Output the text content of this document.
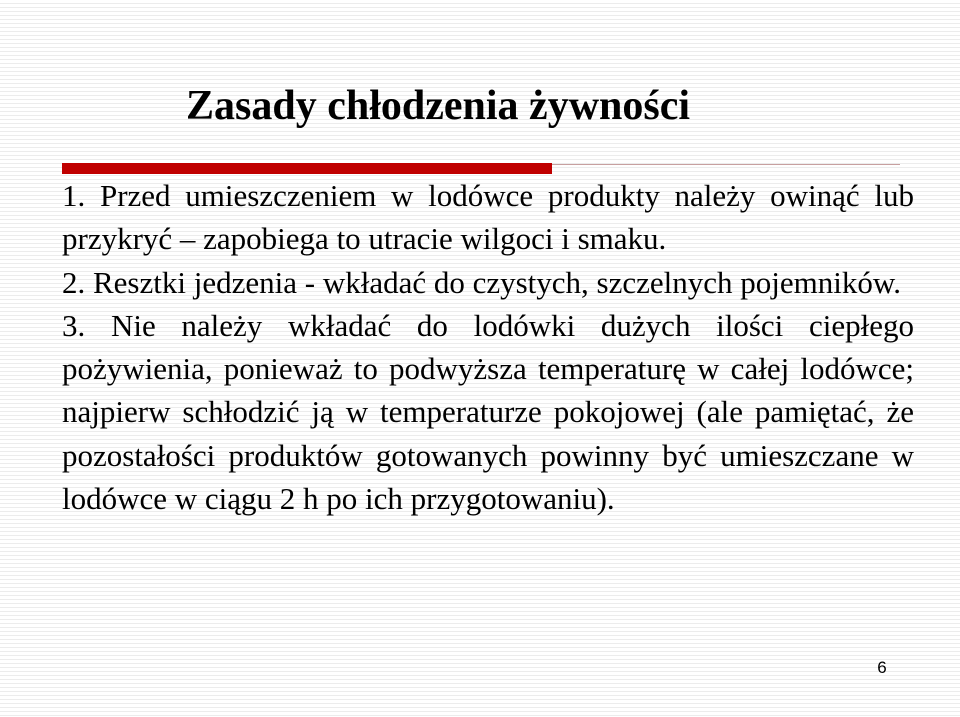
Zasady chłodzenia żywności

1. Przed umieszczeniem w lodówce produkty należy owinąć lub przykryć – zapobiega to utracie wilgoci i smaku.

2. Resztki jedzenia - wkładać do czystych, szczelnych pojemników.

3. Nie należy wkładać do lodówki dużych ilości ciepłego pożywienia, ponieważ to podwyższa temperaturę w całej lodówce; najpierw schłodzić ją w temperaturze pokojowej (ale pamiętać, że pozostałości produktów gotowanych powinny być umieszczane w lodówce w ciągu 2 h po ich przygotowaniu).

6
